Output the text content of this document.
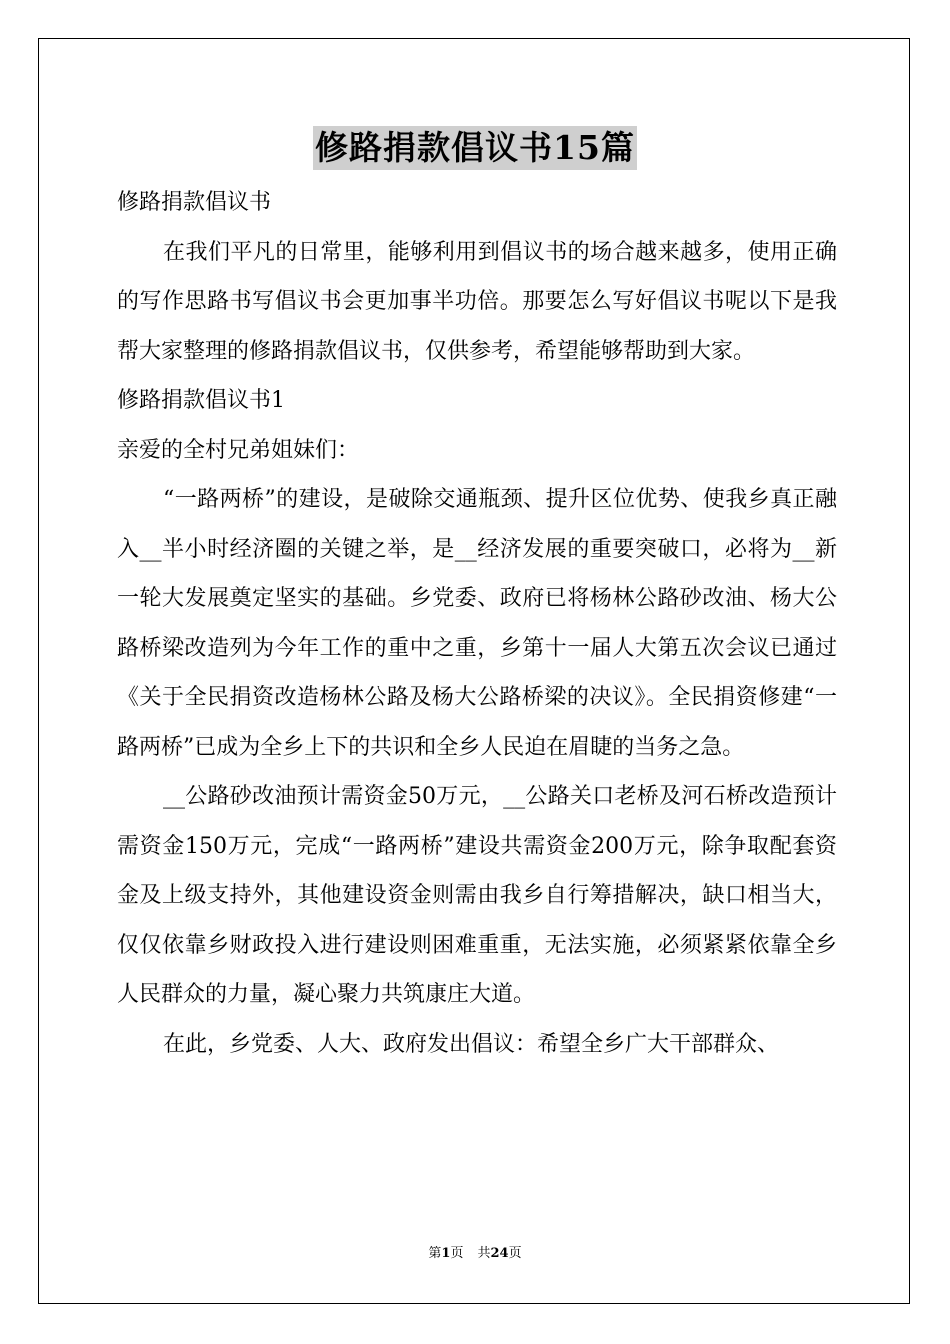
修路捐款倡议书15篇

修路捐款倡议书

在我们平凡的日常里，能够利用到倡议书的场合越来越多，使用正确的写作思路书写倡议书会更加事半功倍。那要怎么写好倡议书呢以下是我帮大家整理的修路捐款倡议书，仅供参考，希望能够帮助到大家。

修路捐款倡议书1

亲爱的全村兄弟姐妹们：

“一路两桥”的建设，是破除交通瓶颈、提升区位优势、使我乡真正融入__半小时经济圈的关键之举，是__经济发展的重要突破口，必将为__新一轮大发展奠定坚实的基础。乡党委、政府已将杨林公路砂改油、杨大公路桥梁改造列为今年工作的重中之重，乡第十一届人大第五次会议已通过《关于全民捐资改造杨林公路及杨大公路桥梁的决议》。全民捐资修建“一路两桥”已成为全乡上下的共识和全乡人民迫在眉睫的当务之急。

__公路砂改油预计需资金50万元，__公路关口老桥及河石桥改造预计需资金150万元，完成“一路两桥”建设共需资金200万元，除争取配套资金及上级支持外，其他建设资金则需由我乡自行筹措解决，缺口相当大，仅仅依靠乡财政投入进行建设则困难重重，无法实施，必须紧紧依靠全乡人民群众的力量，凝心聚力共筑康庄大道。

在此，乡党委、人大、政府发出倡议：希望全乡广大干部群众、

第1页 共24页
